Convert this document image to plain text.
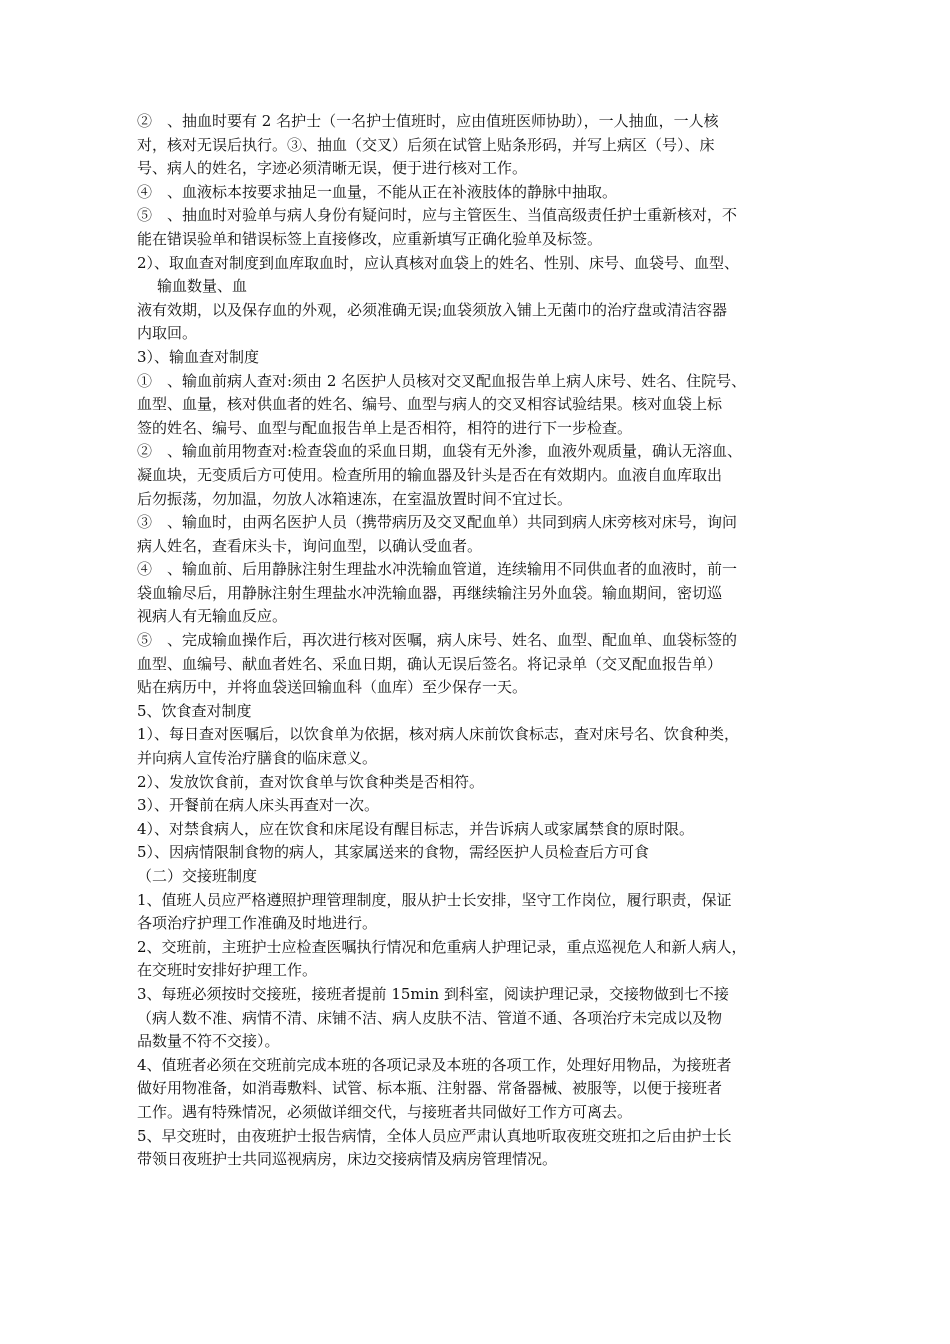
②　、抽血时要有 2 名护士（一名护士值班时，应由值班医师协助），一人抽血，一人核
对，核对无误后执行。③、抽血（交叉）后须在试管上贴条形码，并写上病区（号）、床
号、病人的姓名，字迹必须清晰无误，便于进行核对工作。
④　、血液标本按要求抽足一血量，不能从正在补液肢体的静脉中抽取。
⑤　、抽血时对验单与病人身份有疑问时，应与主管医生、当值高级责任护士重新核对，不
能在错误验单和错误标签上直接修改，应重新填写正确化验单及标签。
2）、取血查对制度到血库取血时，应认真核对血袋上的姓名、性别、床号、血袋号、血型、
输血数量、血
液有效期，以及保存血的外观，必须准确无误;血袋须放入铺上无菌巾的治疗盘或清洁容器
内取回。
3）、输血查对制度
①　、输血前病人查对:须由 2 名医护人员核对交叉配血报告单上病人床号、姓名、住院号、
血型、血量，核对供血者的姓名、编号、血型与病人的交叉相容试验结果。核对血袋上标
签的姓名、编号、血型与配血报告单上是否相符，相符的进行下一步检查。
②　、输血前用物查对:检查袋血的采血日期，血袋有无外渗，血液外观质量，确认无溶血、
凝血块，无变质后方可使用。检查所用的输血器及针头是否在有效期内。血液自血库取出
后勿振荡，勿加温，勿放人冰箱速冻，在室温放置时间不宜过长。
③　、输血时，由两名医护人员（携带病历及交叉配血单）共同到病人床旁核对床号，询问
病人姓名，查看床头卡，询问血型，以确认受血者。
④　、输血前、后用静脉注射生理盐水冲洗输血管道，连续输用不同供血者的血液时，前一
袋血输尽后，用静脉注射生理盐水冲洗输血器，再继续输注另外血袋。输血期间，密切巡
视病人有无输血反应。
⑤　、完成输血操作后，再次进行核对医嘱，病人床号、姓名、血型、配血单、血袋标签的
血型、血编号、献血者姓名、采血日期，确认无误后签名。将记录单（交叉配血报告单）
贴在病历中，并将血袋送回输血科（血库）至少保存一天。
5、饮食查对制度
1）、每日查对医嘱后，以饮食单为依据，核对病人床前饮食标志，查对床号名、饮食种类，
并向病人宣传治疗膳食的临床意义。
2）、发放饮食前，查对饮食单与饮食种类是否相符。
3）、开餐前在病人床头再查对一次。
4）、对禁食病人，应在饮食和床尾设有醒目标志，并告诉病人或家属禁食的原时限。
5）、因病情限制食物的病人，其家属送来的食物，需经医护人员检查后方可食
（二）交接班制度
1、值班人员应严格遵照护理管理制度，服从护士长安排，坚守工作岗位，履行职责，保证
各项治疗护理工作准确及时地进行。
2、交班前，主班护士应检查医嘱执行情况和危重病人护理记录，重点巡视危人和新人病人，
在交班时安排好护理工作。
3、每班必须按时交接班，接班者提前 15min 到科室，阅读护理记录，交接物做到七不接
（病人数不准、病情不清、床铺不洁、病人皮肤不洁、管道不通、各项治疗未完成以及物
品数量不符不交接）。
4、值班者必须在交班前完成本班的各项记录及本班的各项工作，处理好用物品，为接班者
做好用物准备，如消毒敷料、试管、标本瓶、注射器、常备器械、被服等，以便于接班者
工作。遇有特殊情况，必须做详细交代，与接班者共同做好工作方可离去。
5、早交班时，由夜班护士报告病情，全体人员应严肃认真地听取夜班交班扣之后由护士长
带领日夜班护士共同巡视病房，床边交接病情及病房管理情况。
